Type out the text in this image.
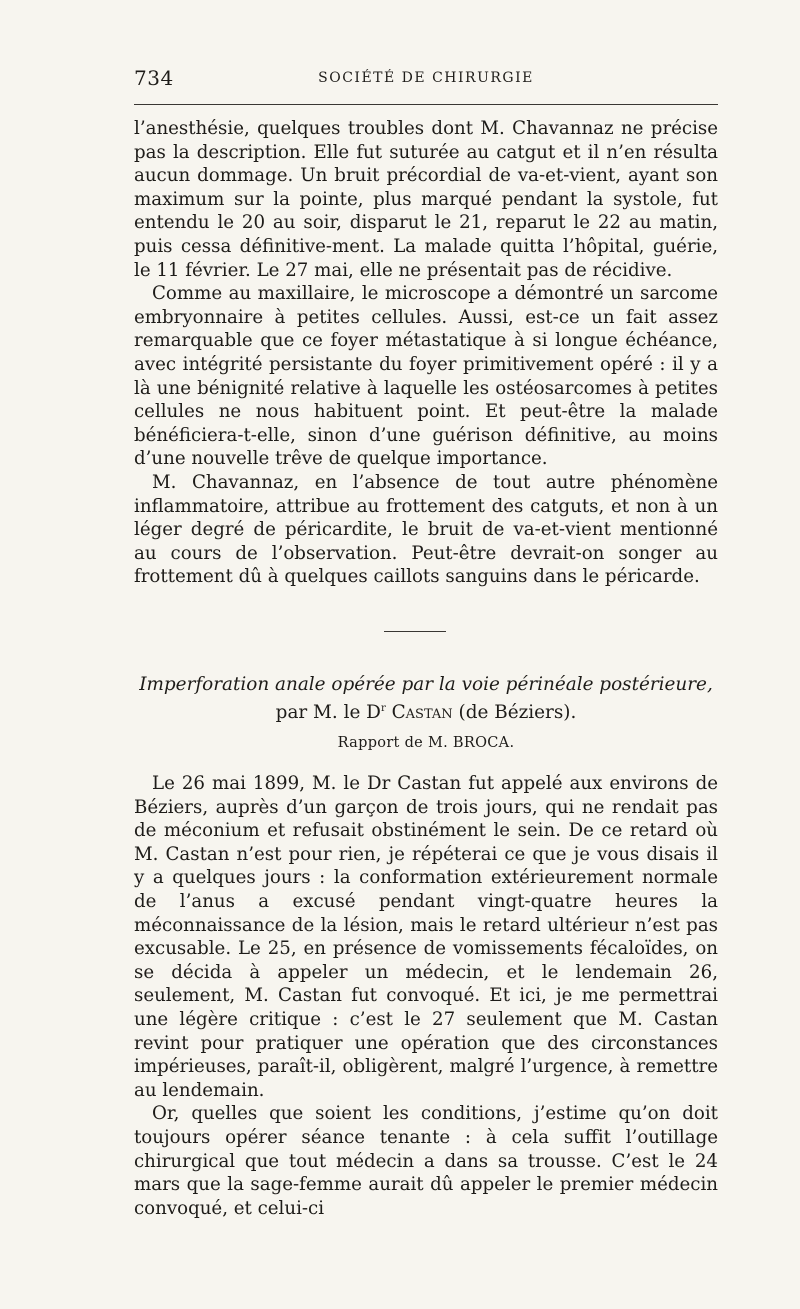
734	SOCIÉTÉ DE CHIRURGIE

l’anesthésie, quelques troubles dont M. Chavannaz ne précise pas la description. Elle fut suturée au catgut et il n’en résulta aucun dommage. Un bruit précordial de va-et-vient, ayant son maximum sur la pointe, plus marqué pendant la systole, fut entendu le 20 au soir, disparut le 21, reparut le 22 au matin, puis cessa définitive-ment. La malade quitta l’hôpital, guérie, le 11 février. Le 27 mai, elle ne présentait pas de récidive.

Comme au maxillaire, le microscope a démontré un sarcome embryonnaire à petites cellules. Aussi, est-ce un fait assez remarquable que ce foyer métastatique à si longue échéance, avec intégrité persistante du foyer primitivement opéré : il y a là une bénignité relative à laquelle les ostéosarcomes à petites cellules ne nous habituent point. Et peut-être la malade bénéficiera-t-elle, sinon d’une guérison définitive, au moins d’une nouvelle trêve de quelque importance.

M. Chavannaz, en l’absence de tout autre phénomène inflammatoire, attribue au frottement des catguts, et non à un léger degré de péricardite, le bruit de va-et-vient mentionné au cours de l’observation. Peut-être devrait-on songer au frottement dû à quelques caillots sanguins dans le péricarde.

Imperforation anale opérée par la voie périnéale postérieure,
par M. le $D^r$ Castan (de Béziers).
Rapport de M. BROCA.

Le 26 mai 1899, M. le Dr Castan fut appelé aux environs de Béziers, auprès d’un garçon de trois jours, qui ne rendait pas de méconium et refusait obstinément le sein. De ce retard où M. Castan n’est pour rien, je répéterai ce que je vous disais il y a quelques jours : la conformation extérieurement normale de l’anus a excusé pendant vingt-quatre heures la méconnaissance de la lésion, mais le retard ultérieur n’est pas excusable. Le 25, en présence de vomissements fécaloïdes, on se décida à appeler un médecin, et le lendemain 26, seulement, M. Castan fut convoqué. Et ici, je me permettrai une légère critique : c’est le 27 seulement que M. Castan revint pour pratiquer une opération que des circonstances impérieuses, paraît-il, obligèrent, malgré l’urgence, à remettre au lendemain.

Or, quelles que soient les conditions, j’estime qu’on doit toujours opérer séance tenante : à cela suffit l’outillage chirurgical que tout médecin a dans sa trousse. C’est le 24 mars que la sage-femme aurait dû appeler le premier médecin convoqué, et celui-ci
